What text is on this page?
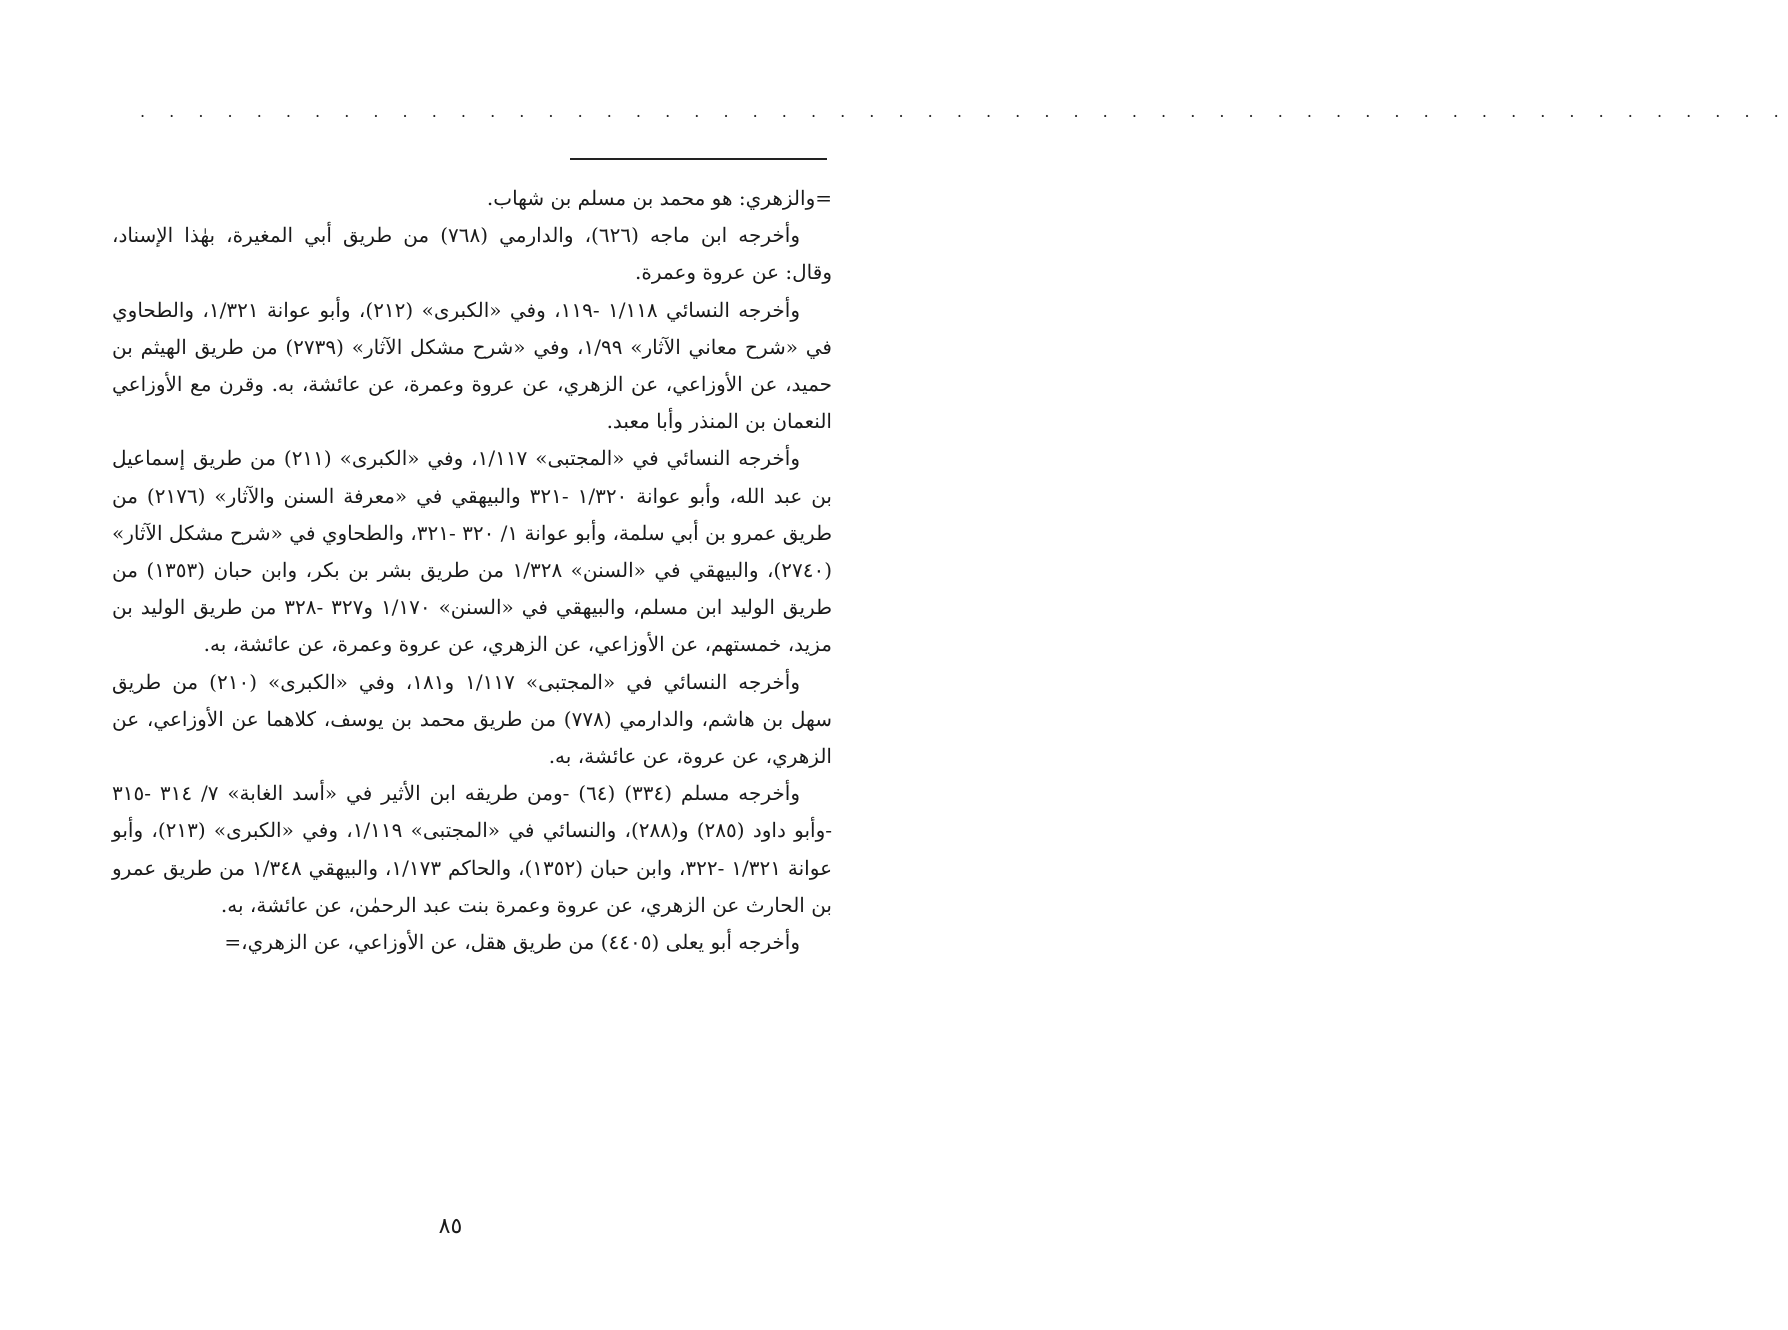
. . . . . . . . . . . . . . . . . . . . . . . . . . . . . . . . . . . . . . . . . . . . . . . . . . . . . . . . .

=والزهري: هو محمد بن مسلم بن شهاب.

وأخرجه ابن ماجه (٦٢٦)، والدارمي (٧٦٨) من طريق أبي المغيرة، بهٰذا الإسناد، وقال: عن عروة وعمرة.

وأخرجه النسائي ١/١١٨ -١١٩، وفي «الكبرى» (٢١٢)، وأبو عوانة ١/٣٢١، والطحاوي في «شرح معاني الآثار» ١/٩٩، وفي «شرح مشكل الآثار» (٢٧٣٩) من طريق الهيثم بن حميد، عن الأوزاعي، عن الزهري، عن عروة وعمرة، عن عائشة، به. وقرن مع الأوزاعي النعمان بن المنذر وأبا معبد.

وأخرجه النسائي في «المجتبى» ١/١١٧، وفي «الكبرى» (٢١١) من طريق إسماعيل بن عبد الله، وأبو عوانة ١/٣٢٠ -٣٢١ والبيهقي في «معرفة السنن والآثار» (٢١٧٦) من طريق عمرو بن أبي سلمة، وأبو عوانة ١/ ٣٢٠ -٣٢١، والطحاوي في «شرح مشكل الآثار» (٢٧٤٠)، والبيهقي في «السنن» ١/٣٢٨ من طريق بشر بن بكر، وابن حبان (١٣٥٣) من طريق الوليد ابن مسلم، والبيهقي في «السنن» ١/١٧٠ و٣٢٧ -٣٢٨ من طريق الوليد بن مزيد، خمستهم، عن الأوزاعي، عن الزهري، عن عروة وعمرة، عن عائشة، به.

وأخرجه النسائي في «المجتبى» ١/١١٧ و١٨١، وفي «الكبرى» (٢١٠) من طريق سهل بن هاشم، والدارمي (٧٧٨) من طريق محمد بن يوسف، كلاهما عن الأوزاعي، عن الزهري، عن عروة، عن عائشة، به.

وأخرجه مسلم (٣٣٤) (٦٤) -ومن طريقه ابن الأثير في «أسد الغابة» ٧/ ٣١٤ -٣١٥ -وأبو داود (٢٨٥) و(٢٨٨)، والنسائي في «المجتبى» ١/١١٩، وفي «الكبرى» (٢١٣)، وأبو عوانة ١/٣٢١ -٣٢٢، وابن حبان (١٣٥٢)، والحاكم ١/١٧٣، والبيهقي ١/٣٤٨ من طريق عمرو بن الحارث عن الزهري، عن عروة وعمرة بنت عبد الرحمٰن، عن عائشة، به.

وأخرجه أبو يعلى (٤٤٠٥) من طريق هقل، عن الأوزاعي، عن الزهري،=

٨٥
